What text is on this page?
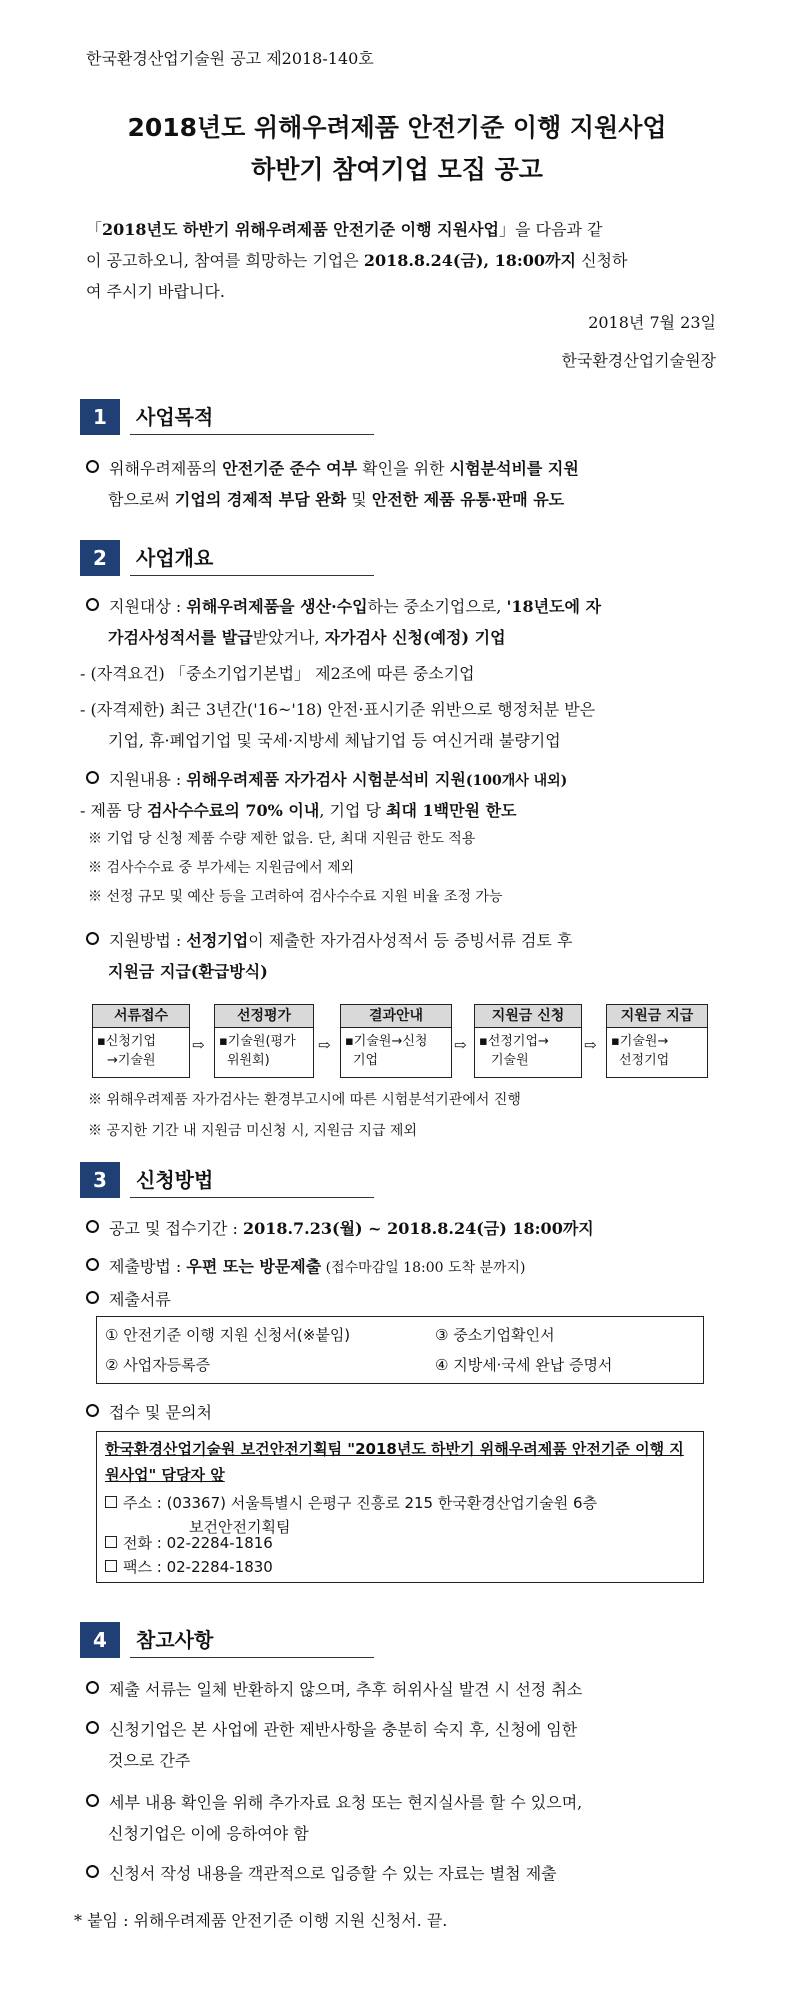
한국환경산업기술원 공고 제2018-140호
2018년도 위해우려제품 안전기준 이행 지원사업
하반기 참여기업 모집 공고
「2018년도 하반기 위해우려제품 안전기준 이행 지원사업」을 다음과 같
이 공고하오니, 참여를 희망하는 기업은 2018.8.24(금), 18:00까지 신청하
여 주시기 바랍니다.
2018년 7월 23일
한국환경산업기술원장
1	사업목적
위해우려제품의 안전기준 준수 여부 확인을 위한 시험분석비를 지원
함으로써 기업의 경제적 부담 완화 및 안전한 제품 유통·판매 유도
2	사업개요
지원대상 : 위해우려제품을 생산·수입하는 중소기업으로, '18년도에 자
가검사성적서를 발급받았거나, 자가검사 신청(예정) 기업
- (자격요건) 「중소기업기본법」 제2조에 따른 중소기업
- (자격제한) 최근 3년간('16~'18) 안전·표시기준 위반으로 행정처분 받은
기업, 휴·폐업기업 및 국세·지방세 체납기업 등 여신거래 불량기업
지원내용 : 위해우려제품 자가검사 시험분석비 지원(100개사 내외)
- 제품 당 검사수수료의 70% 이내, 기업 당 최대 1백만원 한도
※ 기업 당 신청 제품 수량 제한 없음. 단, 최대 지원금 한도 적용
※ 검사수수료 중 부가세는 지원금에서 제외
※ 선정 규모 및 예산 등을 고려하여 검사수수료 지원 비율 조정 가능
지원방법 : 선정기업이 제출한 자가검사성적서 등 증빙서류 검토 후
지원금 지급(환급방식)
서류접수
▪신청기업
→기술원
⇨
선정평가
▪기술원(평가
위원회)
⇨
결과안내
▪기술원→신청
기업
⇨
지원금 신청
▪선정기업→
기술원
⇨
지원금 지급
▪기술원→
선정기업
※ 위해우려제품 자가검사는 환경부고시에 따른 시험분석기관에서 진행
※ 공지한 기간 내 지원금 미신청 시, 지원금 지급 제외
3	신청방법
공고 및 접수기간 : 2018.7.23(월) ~ 2018.8.24(금) 18:00까지
제출방법 : 우편 또는 방문제출 (접수마감일 18:00 도착 분까지)
제출서류
① 안전기준 이행 지원 신청서(※붙임)	③ 중소기업확인서
② 사업자등록증	④ 지방세·국세 완납 증명서
접수 및 문의처
한국환경산업기술원 보건안전기획팀 "2018년도 하반기 위해우려제품 안전기준 이행 지원사업" 담당자 앞
주소 : (03367) 서울특별시 은평구 진흥로 215 한국환경산업기술원 6층
보건안전기획팀
전화 : 02-2284-1816
팩스 : 02-2284-1830
4	참고사항
제출 서류는 일체 반환하지 않으며, 추후 허위사실 발견 시 선정 취소
신청기업은 본 사업에 관한 제반사항을 충분히 숙지 후, 신청에 임한
것으로 간주
세부 내용 확인을 위해 추가자료 요청 또는 현지실사를 할 수 있으며,
신청기업은 이에 응하여야 함
신청서 작성 내용을 객관적으로 입증할 수 있는 자료는 별첨 제출
* 붙임 : 위해우려제품 안전기준 이행 지원 신청서. 끝.
